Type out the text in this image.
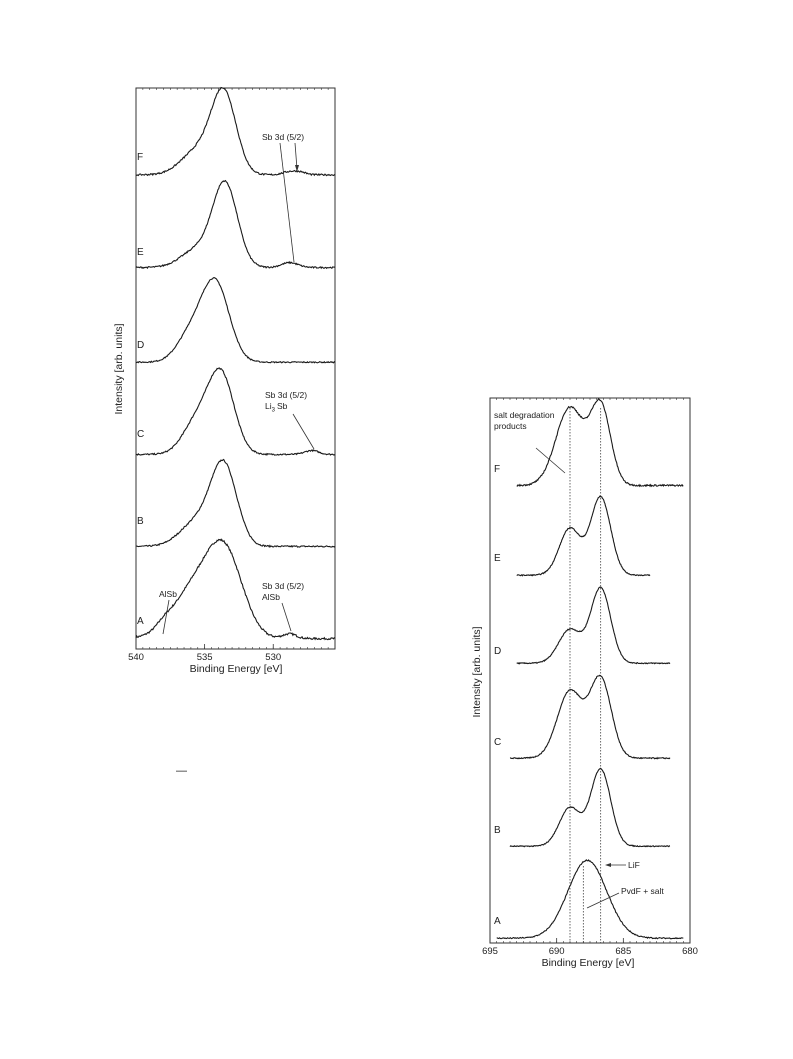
540	535	530
A
B
C
D
E
F
Binding Energy [eV]
Intensity [arb. units]
AlSb
Sb 3d (5/2)
AlSb
Sb 3d (5/2)
$Li_3$ Sb
Sb 3d (5/2)
—
695	690	685	680
A
B
C
D
E
F
Binding Energy [eV]
Intensity [arb. units]
salt degradation
products
LiF
PvdF + salt
